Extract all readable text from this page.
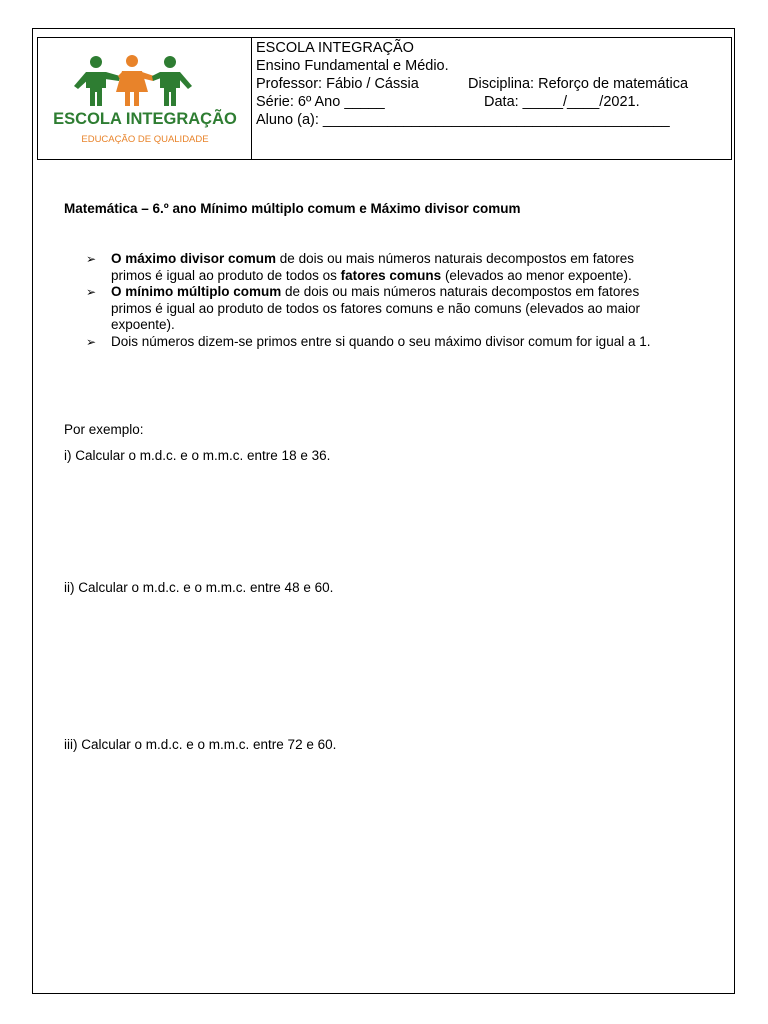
ESCOLA INTEGRAÇÃO
EDUCAÇÃO DE QUALIDADE
ESCOLA INTEGRAÇÃO
Ensino Fundamental e Médio.
Professor: Fábio / Cássia	Disciplina: Reforço de matemática
Série: 6º Ano _____	Data: _____/____/2021.
Aluno (a): ___________________________________________
Matemática – 6.º ano Mínimo múltiplo comum e Máximo divisor comum
➢ O máximo divisor comum de dois ou mais números naturais decompostos em fatores primos é igual ao produto de todos os fatores comuns (elevados ao menor expoente).
➢ O mínimo múltiplo comum de dois ou mais números naturais decompostos em fatores primos é igual ao produto de todos os fatores comuns e não comuns (elevados ao maior expoente).
➢ Dois números dizem-se primos entre si quando o seu máximo divisor comum for igual a 1.
Por exemplo:
i) Calcular o m.d.c. e o m.m.c. entre 18 e 36.
ii) Calcular o m.d.c. e o m.m.c. entre 48 e 60.
iii) Calcular o m.d.c. e o m.m.c. entre 72 e 60.
